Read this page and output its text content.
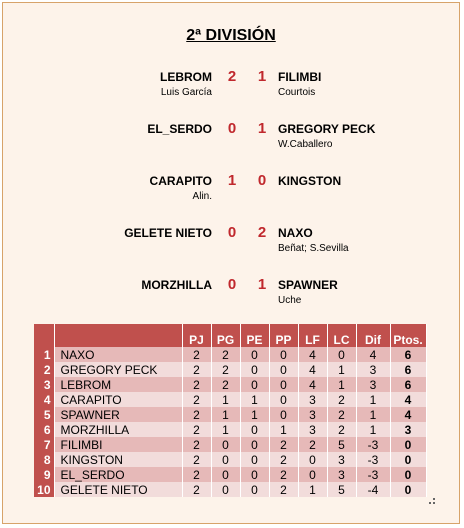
2ª DIVISIÓN
LEBROM 2 1 FILIMBI
Luis García	Courtois
EL_SERDO 0 1 GREGORY PECK
W.Caballero
CARAPITO 1 0 KINGSTON
Alin.
GELETE NIETO 0 2 NAXO
Beñat; S.Sevilla
MORZHILLA 0 1 SPAWNER
Uche
		PJ	PG	PE	PP	LF	LC	Dif	Ptos.
1	NAXO	2	2	0	0	4	0	4	6
2	GREGORY PECK	2	2	0	0	4	1	3	6
3	LEBROM	2	2	0	0	4	1	3	6
4	CARAPITO	2	1	1	0	3	2	1	4
5	SPAWNER	2	1	1	0	3	2	1	4
6	MORZHILLA	2	1	0	1	3	2	1	3
7	FILIMBI	2	0	0	2	2	5	-3	0
8	KINGSTON	2	0	0	2	0	3	-3	0
9	EL_SERDO	2	0	0	2	0	3	-3	0
10	GELETE NIETO	2	0	0	2	1	5	-4	0
